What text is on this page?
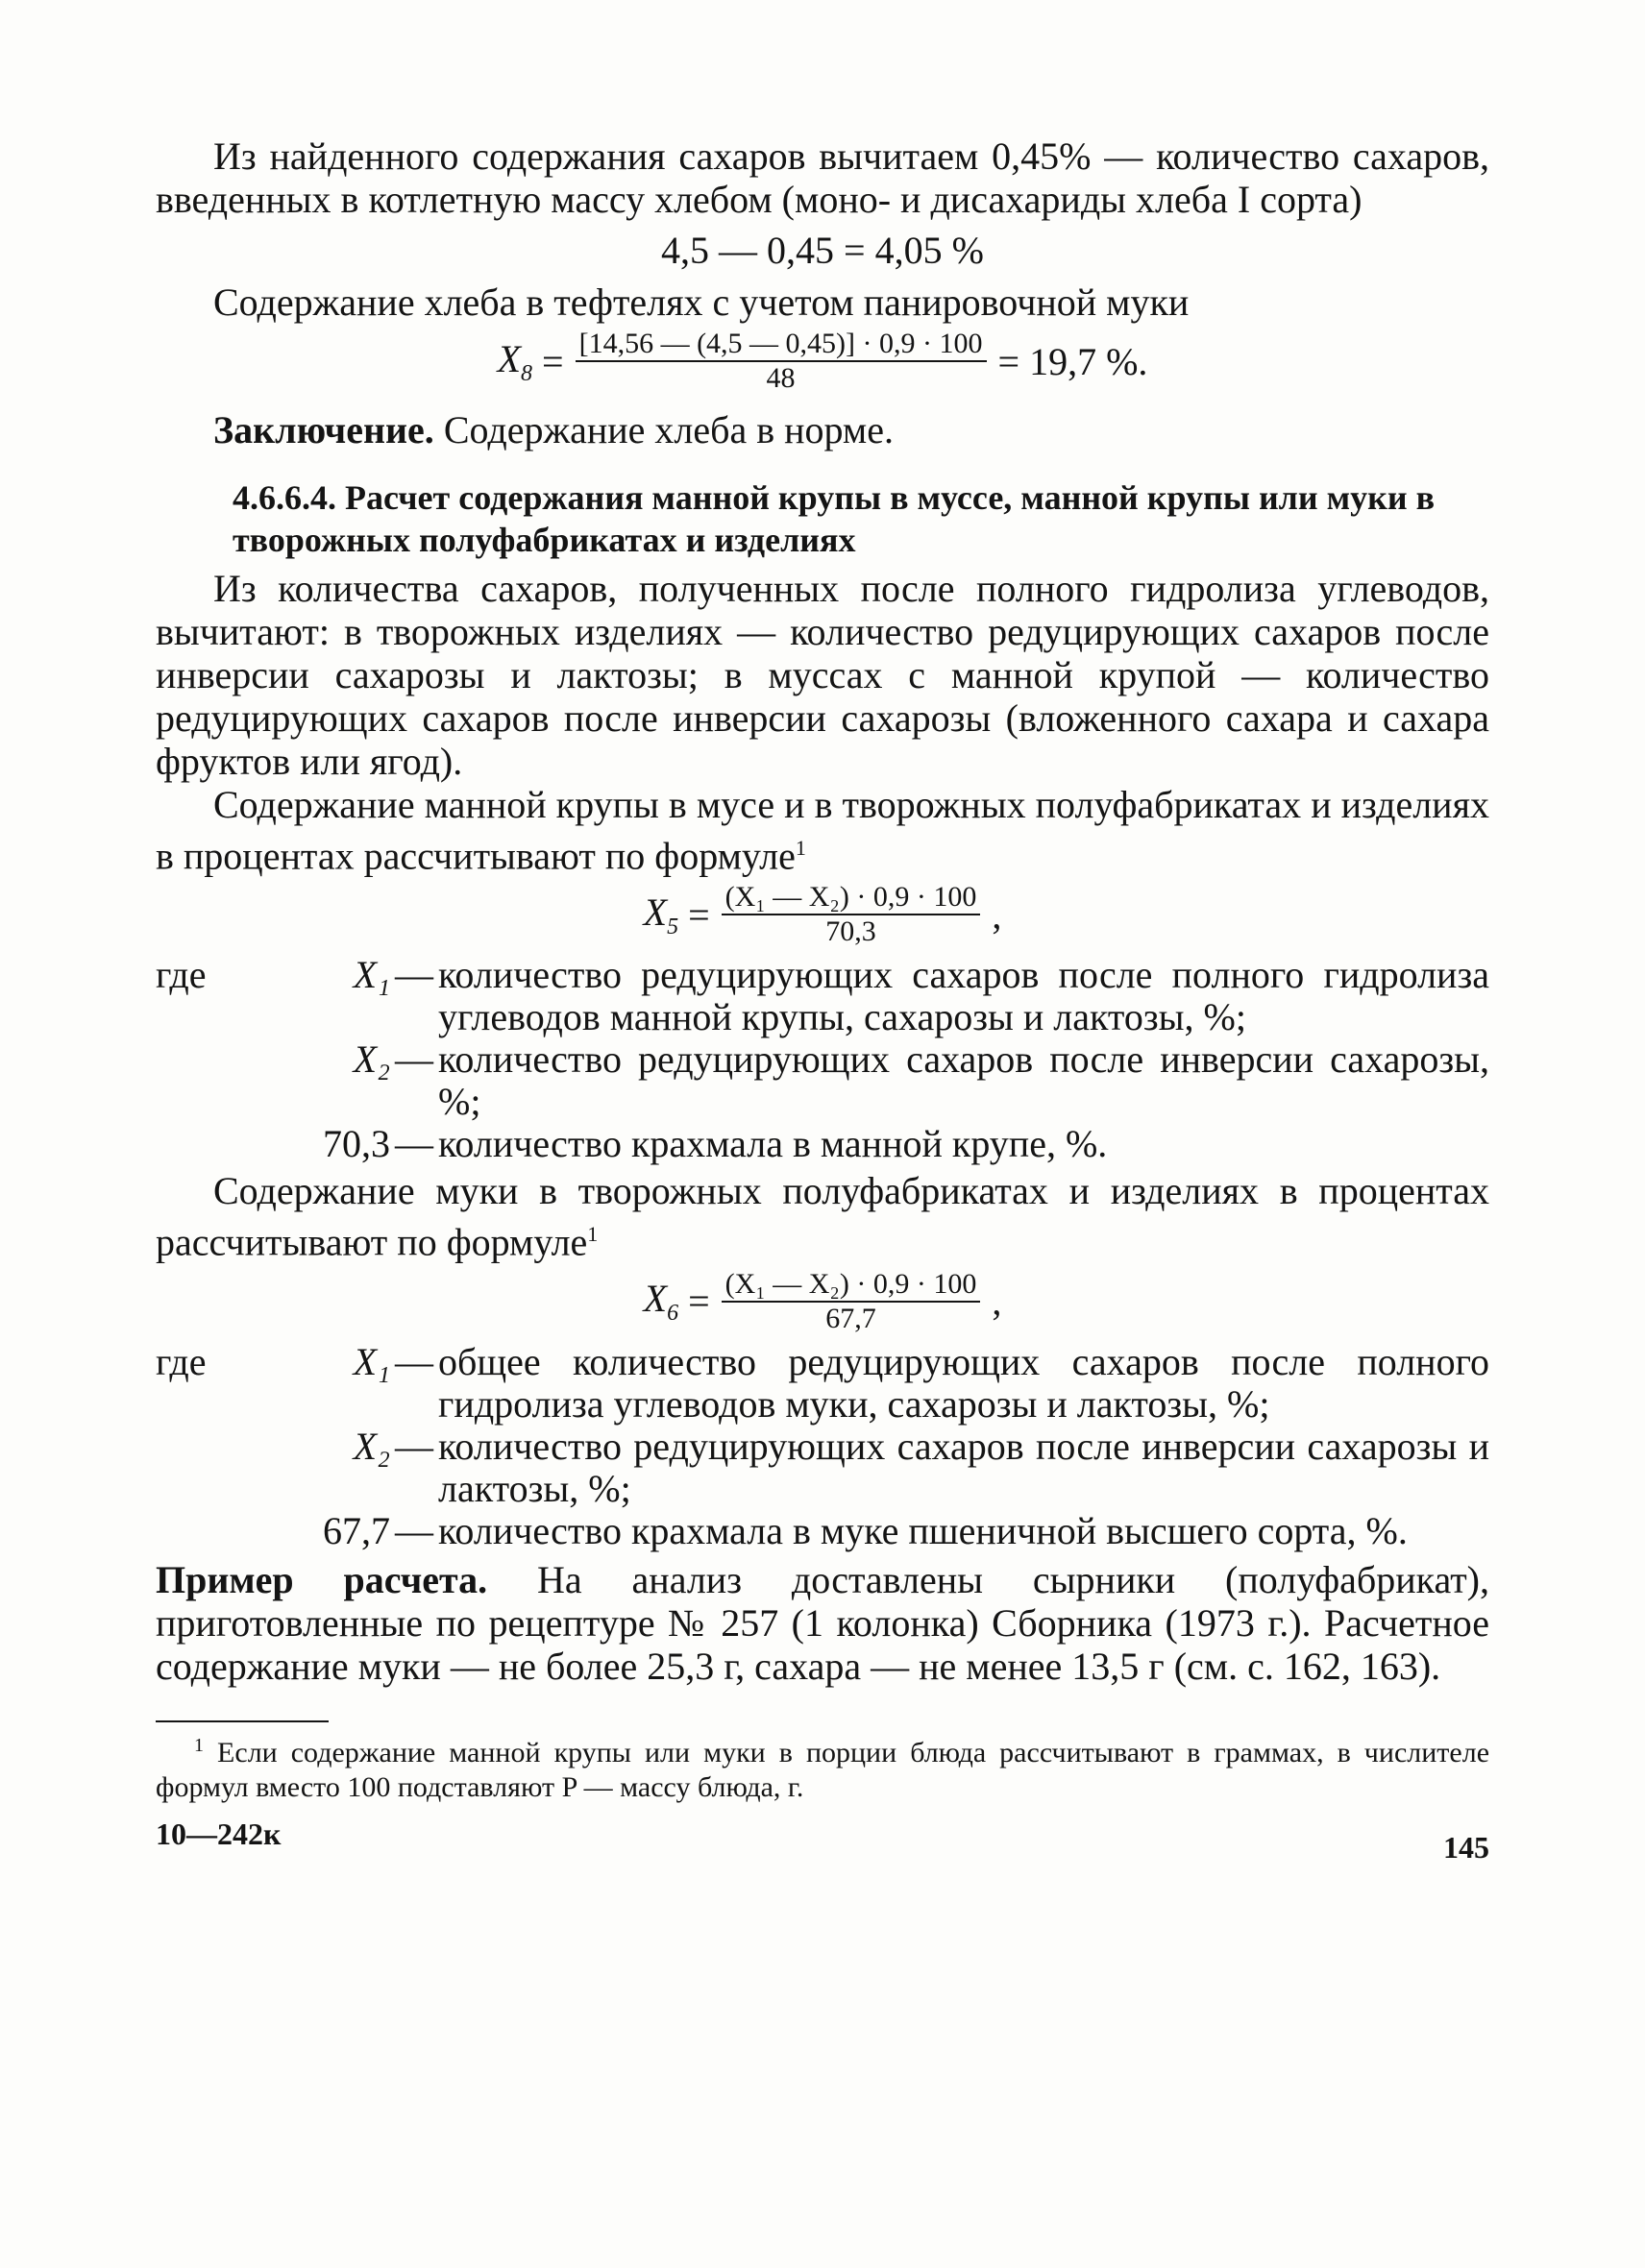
Из найденного содержания сахаров вычитаем 0,45% — количество сахаров, введенных в котлетную массу хлебом (моно- и дисахариды хлеба I сорта)

4,5 — 0,45 = 4,05 %

Содержание хлеба в тефтелях с учетом панировочной муки

$X_8 = \frac{[14,56 — (4,5 — 0,45)] \cdot 0,9 \cdot 100}{48} = 19,7$ %.

Заключение. Содержание хлеба в норме.

4.6.6.4. Расчет содержания манной крупы в муссе, манной крупы или муки в творожных полуфабрикатах и изделиях

Из количества сахаров, полученных после полного гидролиза углеводов, вычитают: в творожных изделиях — количество редуцирующих сахаров после инверсии сахарозы и лактозы; в муссах с манной крупой — количество редуцирующих сахаров после инверсии сахарозы (вложенного сахара и сахара фруктов или ягод).

Содержание манной крупы в мусе и в творожных полуфабрикатах и изделиях в процентах рассчитывают по формуле$^1$

$X_5 = \frac{\text{(X₁ — X₂) · 0,9 · 100}}{70,3}$ ,
где	X₁ — количество редуцирующих сахаров после полного гидролиза углеводов манной крупы, сахарозы и лактозы, %;
X₂ — количество редуцирующих сахаров после инверсии сахарозы, %;
70,3 — количество крахмала в манной крупе, %.

Содержание муки в творожных полуфабрикатах и изделиях в процентах рассчитывают по формуле$^1$

$X_6 = \frac{\text{(X₁ — X₂) · 0,9 · 100}}{67,7}$ ,
где	X₁ — общее количество редуцирующих сахаров после полного гидролиза углеводов муки, сахарозы и лактозы, %;
X₂ — количество редуцирующих сахаров после инверсии сахарозы и лактозы, %;
67,7 — количество крахмала в муке пшеничной высшего сорта, %.

Пример расчета. На анализ доставлены сырники (полуфабрикат), приготовленные по рецептуре № 257 (1 колонка) Сборника (1973 г.). Расчетное содержание муки — не более 25,3 г, сахара — не менее 13,5 г (см. с. 162, 163).

$^1$ Если содержание манной крупы или муки в порции блюда рассчитывают в граммах, в числителе формул вместо 100 подставляют P — массу блюда, г.

10—242к	145
